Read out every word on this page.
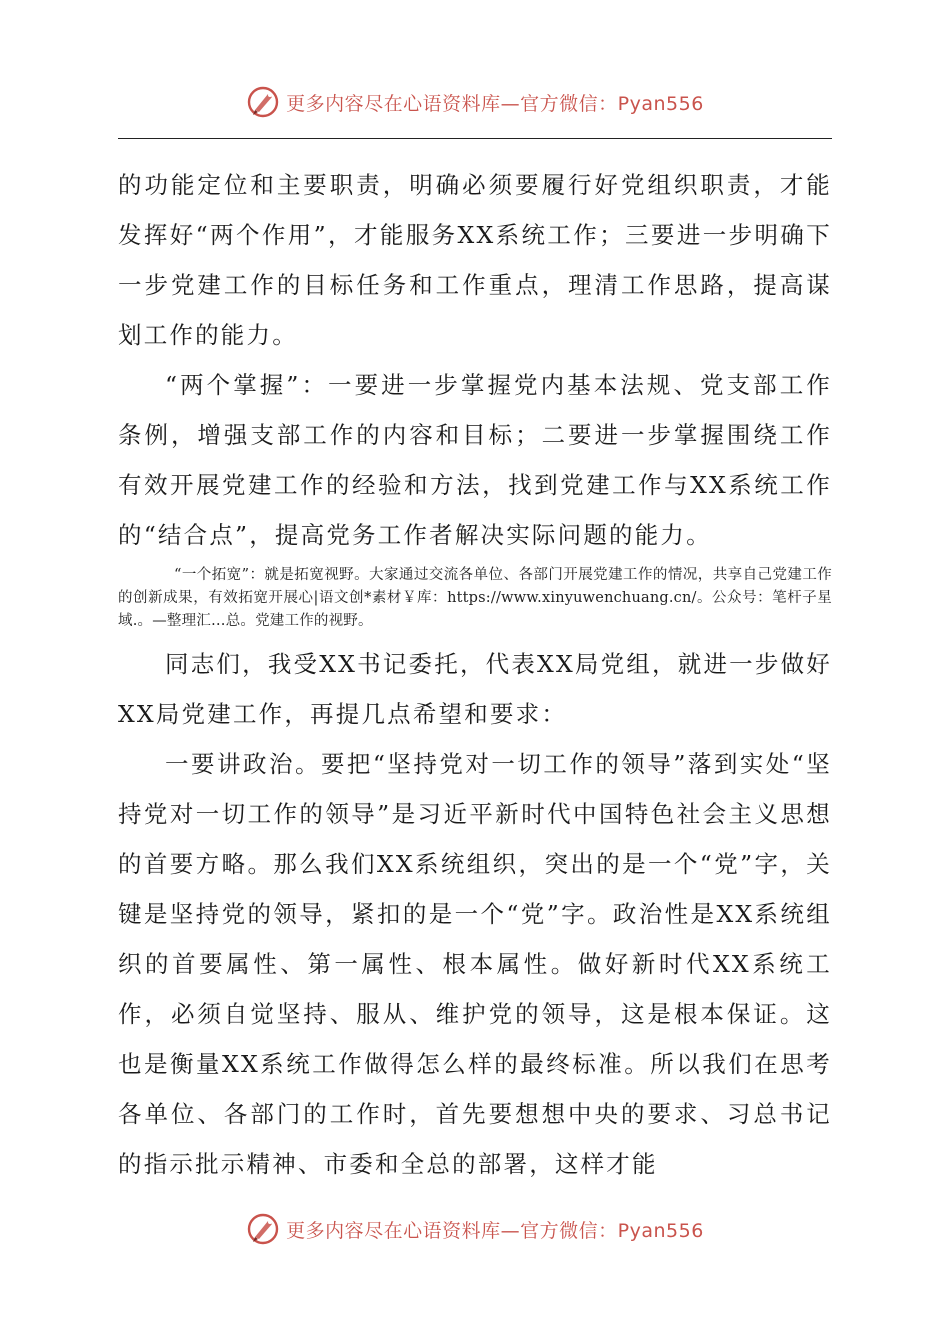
更多内容尽在心语资料库—官方微信：Pyan556

的功能定位和主要职责，明确必须要履行好党组织职责，才能发挥好“两个作用”，才能服务XX系统工作；三要进一步明确下一步党建工作的目标任务和工作重点，理清工作思路，提高谋划工作的能力。

“两个掌握”：一要进一步掌握党内基本法规、党支部工作条例，增强支部工作的内容和目标；二要进一步掌握围绕工作有效开展党建工作的经验和方法，找到党建工作与XX系统工作的“结合点”，提高党务工作者解决实际问题的能力。

“一个拓宽”：就是拓宽视野。大家通过交流各单位、各部门开展党建工作的情况，共享自己党建工作的创新成果，有效拓宽开展心|语文创*素材￥库：https://www.xinyuwenchuang.cn/。公众号：笔杆子星域.。—整理汇…总。党建工作的视野。

同志们，我受XX书记委托，代表XX局党组，就进一步做好XX局党建工作，再提几点希望和要求：

一要讲政治。要把“坚持党对一切工作的领导”落到实处“坚持党对一切工作的领导”是习近平新时代中国特色社会主义思想的首要方略。那么我们XX系统组织，突出的是一个“党”字，关键是坚持党的领导，紧扣的是一个“党”字。政治性是XX系统组织的首要属性、第一属性、根本属性。做好新时代XX系统工作，必须自觉坚持、服从、维护党的领导，这是根本保证。这也是衡量XX系统工作做得怎么样的最终标准。所以我们在思考各单位、各部门的工作时，首先要想想中央的要求、习总书记的指示批示精神、市委和全总的部署，这样才能

更多内容尽在心语资料库—官方微信：Pyan556
